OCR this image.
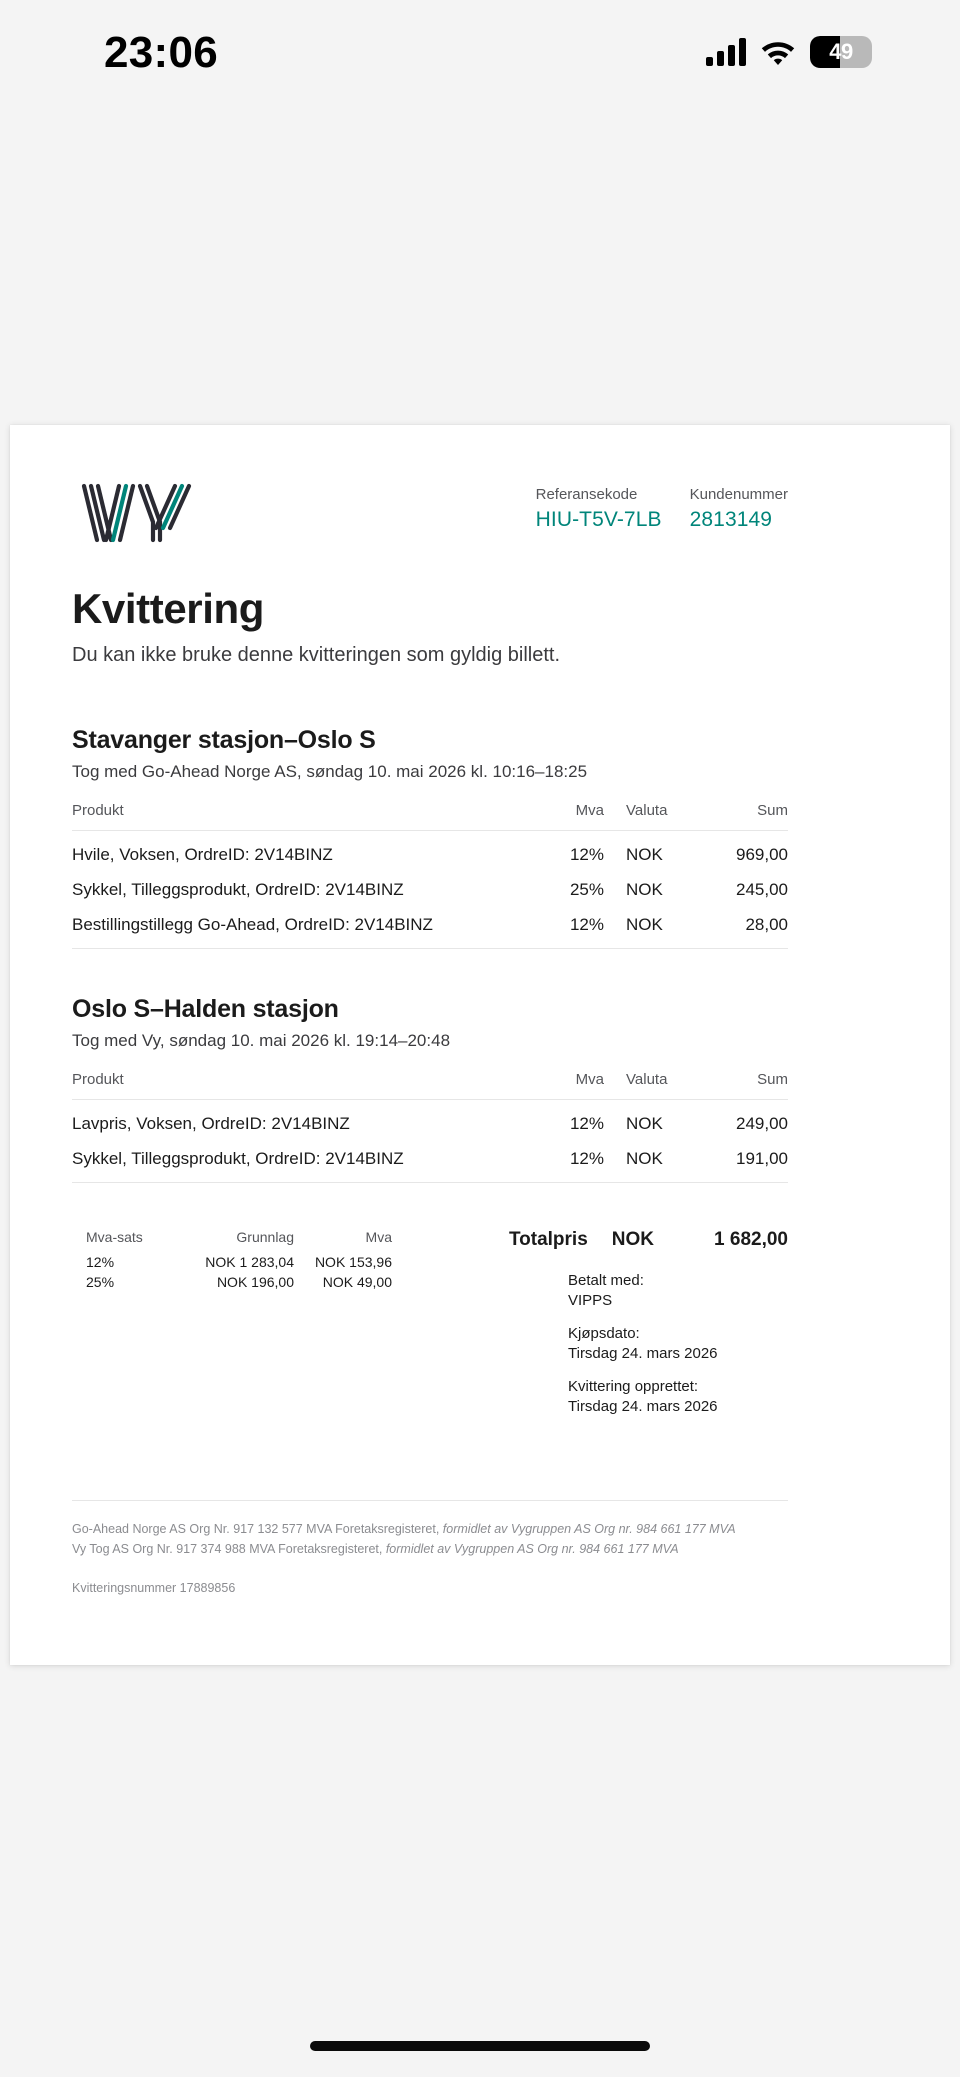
23:06	49
Referansekode
HIU-T5V-7LB
Kundenummer
2813149
Kvittering
Du kan ikke bruke denne kvitteringen som gyldig billett.
Stavanger stasjon–Oslo S
Tog med Go-Ahead Norge AS, søndag 10. mai 2026 kl. 10:16–18:25
Produkt	Mva	Valuta	Sum
Hvile, Voksen, OrdreID: 2V14BINZ	12%	NOK	969,00
Sykkel, Tilleggsprodukt, OrdreID: 2V14BINZ	25%	NOK	245,00
Bestillingstillegg Go-Ahead, OrdreID: 2V14BINZ	12%	NOK	28,00
Oslo S–Halden stasjon
Tog med Vy, søndag 10. mai 2026 kl. 19:14–20:48
Produkt	Mva	Valuta	Sum
Lavpris, Voksen, OrdreID: 2V14BINZ	12%	NOK	249,00
Sykkel, Tilleggsprodukt, OrdreID: 2V14BINZ	12%	NOK	191,00
Totalpris NOK	1 682,00
Betalt med:
VIPPS
Kjøpsdato:
Tirsdag 24. mars 2026
Kvittering opprettet:
Tirsdag 24. mars 2026
Mva-sats	Grunnlag	Mva
12%	NOK 1 283,04	NOK 153,96
25%	NOK 196,00	NOK 49,00
Go-Ahead Norge AS Org Nr. 917 132 577 MVA Foretaksregisteret, formidlet av Vygruppen AS Org nr. 984 661 177 MVA
Vy Tog AS Org Nr. 917 374 988 MVA Foretaksregisteret, formidlet av Vygruppen AS Org nr. 984 661 177 MVA
Kvitteringsnummer 17889856
